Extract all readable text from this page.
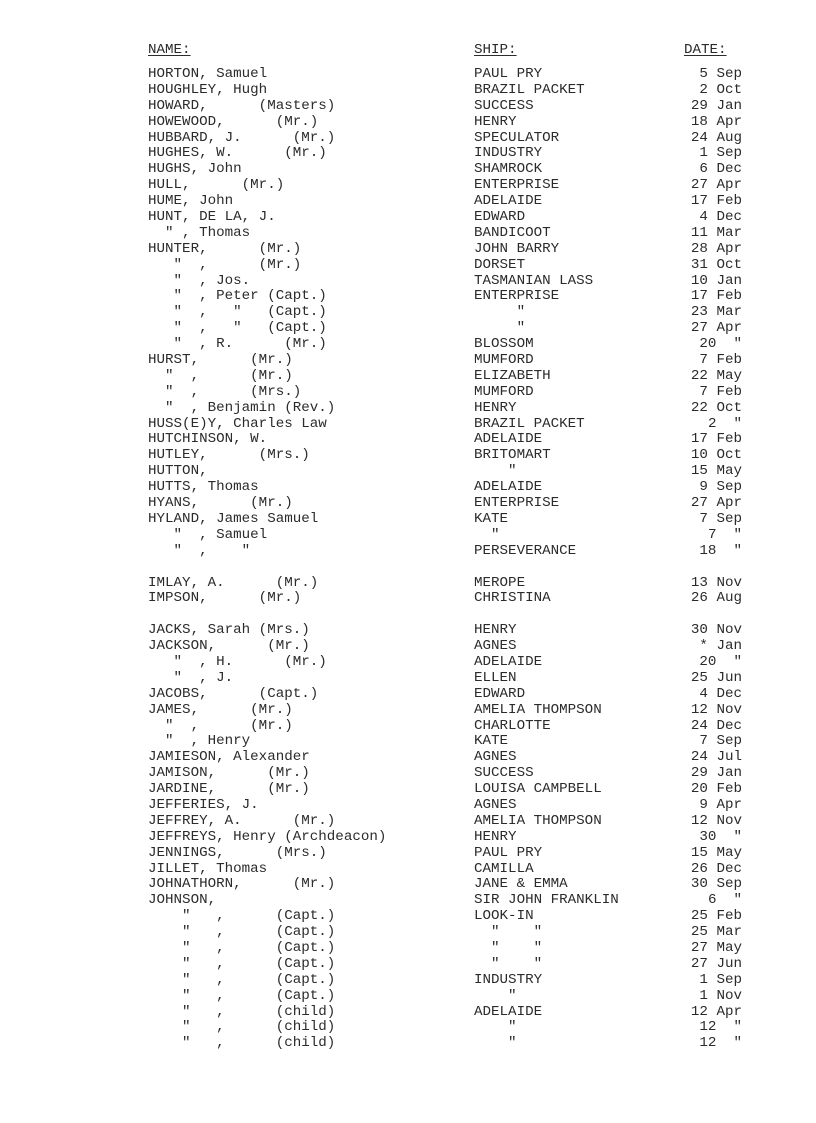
NAME:	SHIP:	DATE:
HORTON, Samuel	PAUL PRY	5 Sep
HOUGHLEY, Hugh	BRAZIL PACKET	2 Oct
HOWARD,      (Masters)	SUCCESS	29 Jan
HOWEWOOD,      (Mr.)	HENRY	18 Apr
HUBBARD, J.      (Mr.)	SPECULATOR	24 Aug
HUGHES, W.      (Mr.)	INDUSTRY	1 Sep
HUGHS, John	SHAMROCK	6 Dec
HULL,      (Mr.)	ENTERPRISE	27 Apr
HUME, John	ADELAIDE	17 Feb
HUNT, DE LA, J.	EDWARD	4 Dec
" , Thomas	BANDICOOT	11 Mar
HUNTER,      (Mr.)	JOHN BARRY	28 Apr
"  ,      (Mr.)	DORSET	31 Oct
"  , Jos.	TASMANIAN LASS	10 Jan
"  , Peter (Capt.)	ENTERPRISE	17 Feb
"  ,   "   (Capt.)	"	23 Mar
"  ,   "   (Capt.)	"	27 Apr
"  , R.      (Mr.)	BLOSSOM	20  "
HURST,      (Mr.)	MUMFORD	7 Feb
"  ,      (Mr.)	ELIZABETH	22 May
"  ,      (Mrs.)	MUMFORD	7 Feb
"  , Benjamin (Rev.)	HENRY	22 Oct
HUSS(E)Y, Charles Law	BRAZIL PACKET	2  "
HUTCHINSON, W.	ADELAIDE	17 Feb
HUTLEY,      (Mrs.)	BRITOMART	10 Oct
HUTTON,	"	15 May
HUTTS, Thomas	ADELAIDE	9 Sep
HYANS,      (Mr.)	ENTERPRISE	27 Apr
HYLAND, James Samuel	KATE	7 Sep
"  , Samuel	"	7  "
"  ,    "	PERSEVERANCE	18  "
IMLAY, A.      (Mr.)	MEROPE	13 Nov
IMPSON,      (Mr.)	CHRISTINA	26 Aug
JACKS, Sarah (Mrs.)	HENRY	30 Nov
JACKSON,      (Mr.)	AGNES	* Jan
"  , H.      (Mr.)	ADELAIDE	20  "
"  , J.	ELLEN	25 Jun
JACOBS,      (Capt.)	EDWARD	4 Dec
JAMES,      (Mr.)	AMELIA THOMPSON	12 Nov
"  ,      (Mr.)	CHARLOTTE	24 Dec
"  , Henry	KATE	7 Sep
JAMIESON, Alexander	AGNES	24 Jul
JAMISON,      (Mr.)	SUCCESS	29 Jan
JARDINE,      (Mr.)	LOUISA CAMPBELL	20 Feb
JEFFERIES, J.	AGNES	9 Apr
JEFFREY, A.      (Mr.)	AMELIA THOMPSON	12 Nov
JEFFREYS, Henry (Archdeacon)	HENRY	30  "
JENNINGS,      (Mrs.)	PAUL PRY	15 May
JILLET, Thomas	CAMILLA	26 Dec
JOHNATHORN,      (Mr.)	JANE & EMMA	30 Sep
JOHNSON,	SIR JOHN FRANKLIN	6  "
"   ,      (Capt.)	LOOK-IN	25 Feb
"   ,      (Capt.)	"    "	25 Mar
"   ,      (Capt.)	"    "	27 May
"   ,      (Capt.)	"    "	27 Jun
"   ,      (Capt.)	INDUSTRY	1 Sep
"   ,      (Capt.)	"	1 Nov
"   ,      (child)	ADELAIDE	12 Apr
"   ,      (child)	"	12  "
"   ,      (child)	"	12  "
